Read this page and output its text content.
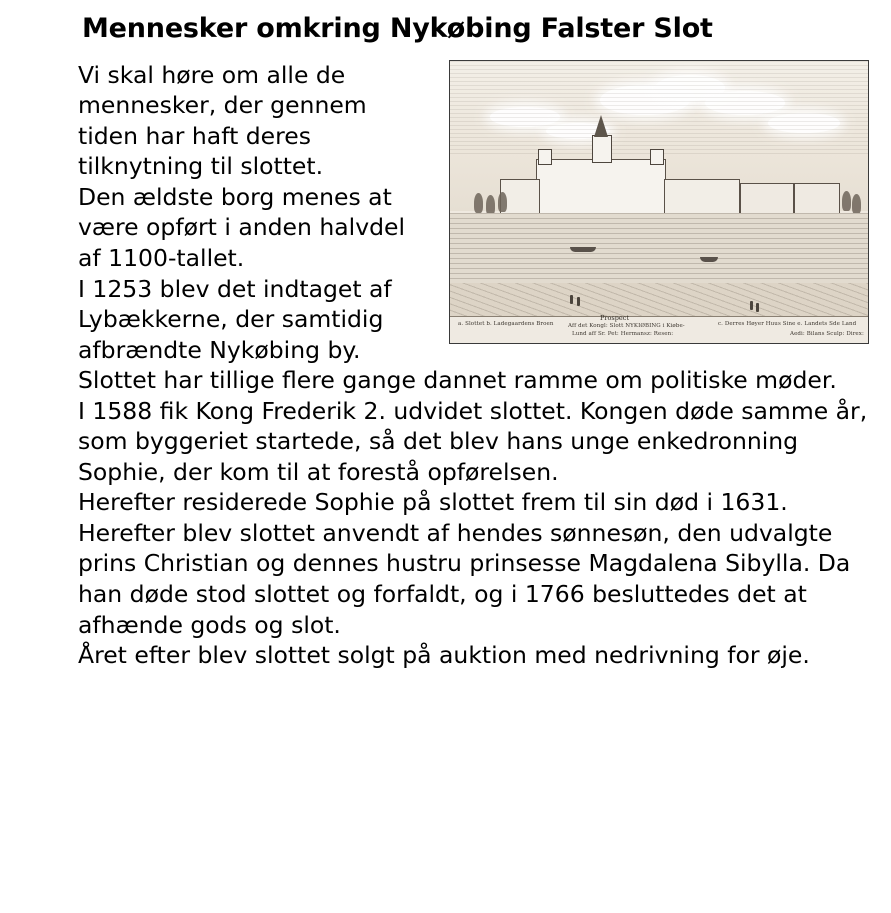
Mennesker omkring Nykøbing Falster Slot
a. Slottet b. Ladegaardens Broen
Prospect
Aff det Kongl: Slott NYKIØBING i Kiøbe-
Lund aff Sr. Pet: Hermansz: Resen:
c. Derres Høyer Huus Sine e. Landets Sde Land
Aedi: Bilans Sculp: Direx:

Vi skal høre om alle de mennesker, der gennem tiden har haft deres tilknytning til slottet.

Den ældste borg menes at være opført i anden halvdel af 1100-tallet.

I 1253 blev det indtaget af Lybækkerne, der samtidig afbrændte Nykøbing by.

Slottet har tillige flere gange dannet ramme om politiske møder.

I 1588 fik Kong Frederik 2. udvidet slottet. Kongen døde samme år, som byggeriet startede, så det blev hans unge enkedronning Sophie, der kom til at forestå opførelsen.

Herefter residerede Sophie på slottet frem til sin død i 1631.

Herefter blev slottet anvendt af hendes sønnesøn, den udvalgte prins Christian og dennes hustru prinsesse Magdalena Sibylla. Da han døde stod slottet og forfaldt, og i 1766 besluttedes det at afhænde gods og slot.

Året efter blev slottet solgt på auktion med nedrivning for øje.
